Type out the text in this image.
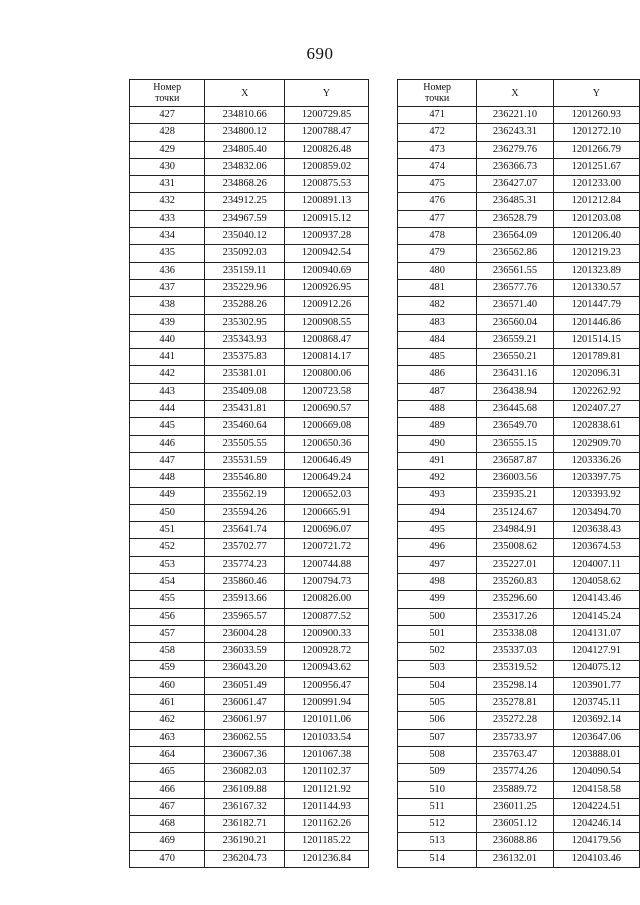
690
Номер
точки	X	Y
427	234810.66	1200729.85
428	234800.12	1200788.47
429	234805.40	1200826.48
430	234832.06	1200859.02
431	234868.26	1200875.53
432	234912.25	1200891.13
433	234967.59	1200915.12
434	235040.12	1200937.28
435	235092.03	1200942.54
436	235159.11	1200940.69
437	235229.96	1200926.95
438	235288.26	1200912.26
439	235302.95	1200908.55
440	235343.93	1200868.47
441	235375.83	1200814.17
442	235381.01	1200800.06
443	235409.08	1200723.58
444	235431.81	1200690.57
445	235460.64	1200669.08
446	235505.55	1200650.36
447	235531.59	1200646.49
448	235546.80	1200649.24
449	235562.19	1200652.03
450	235594.26	1200665.91
451	235641.74	1200696.07
452	235702.77	1200721.72
453	235774.23	1200744.88
454	235860.46	1200794.73
455	235913.66	1200826.00
456	235965.57	1200877.52
457	236004.28	1200900.33
458	236033.59	1200928.72
459	236043.20	1200943.62
460	236051.49	1200956.47
461	236061.47	1200991.94
462	236061.97	1201011.06
463	236062.55	1201033.54
464	236067.36	1201067.38
465	236082.03	1201102.37
466	236109.88	1201121.92
467	236167.32	1201144.93
468	236182.71	1201162.26
469	236190.21	1201185.22
470	236204.73	1201236.84
Номер
точки	X	Y
471	236221.10	1201260.93
472	236243.31	1201272.10
473	236279.76	1201266.79
474	236366.73	1201251.67
475	236427.07	1201233.00
476	236485.31	1201212.84
477	236528.79	1201203.08
478	236564.09	1201206.40
479	236562.86	1201219.23
480	236561.55	1201323.89
481	236577.76	1201330.57
482	236571.40	1201447.79
483	236560.04	1201446.86
484	236559.21	1201514.15
485	236550.21	1201789.81
486	236431.16	1202096.31
487	236438.94	1202262.92
488	236445.68	1202407.27
489	236549.70	1202838.61
490	236555.15	1202909.70
491	236587.87	1203336.26
492	236003.56	1203397.75
493	235935.21	1203393.92
494	235124.67	1203494.70
495	234984.91	1203638.43
496	235008.62	1203674.53
497	235227.01	1204007.11
498	235260.83	1204058.62
499	235296.60	1204143.46
500	235317.26	1204145.24
501	235338.08	1204131.07
502	235337.03	1204127.91
503	235319.52	1204075.12
504	235298.14	1203901.77
505	235278.81	1203745.11
506	235272.28	1203692.14
507	235733.97	1203647.06
508	235763.47	1203888.01
509	235774.26	1204090.54
510	235889.72	1204158.58
511	236011.25	1204224.51
512	236051.12	1204246.14
513	236088.86	1204179.56
514	236132.01	1204103.46
